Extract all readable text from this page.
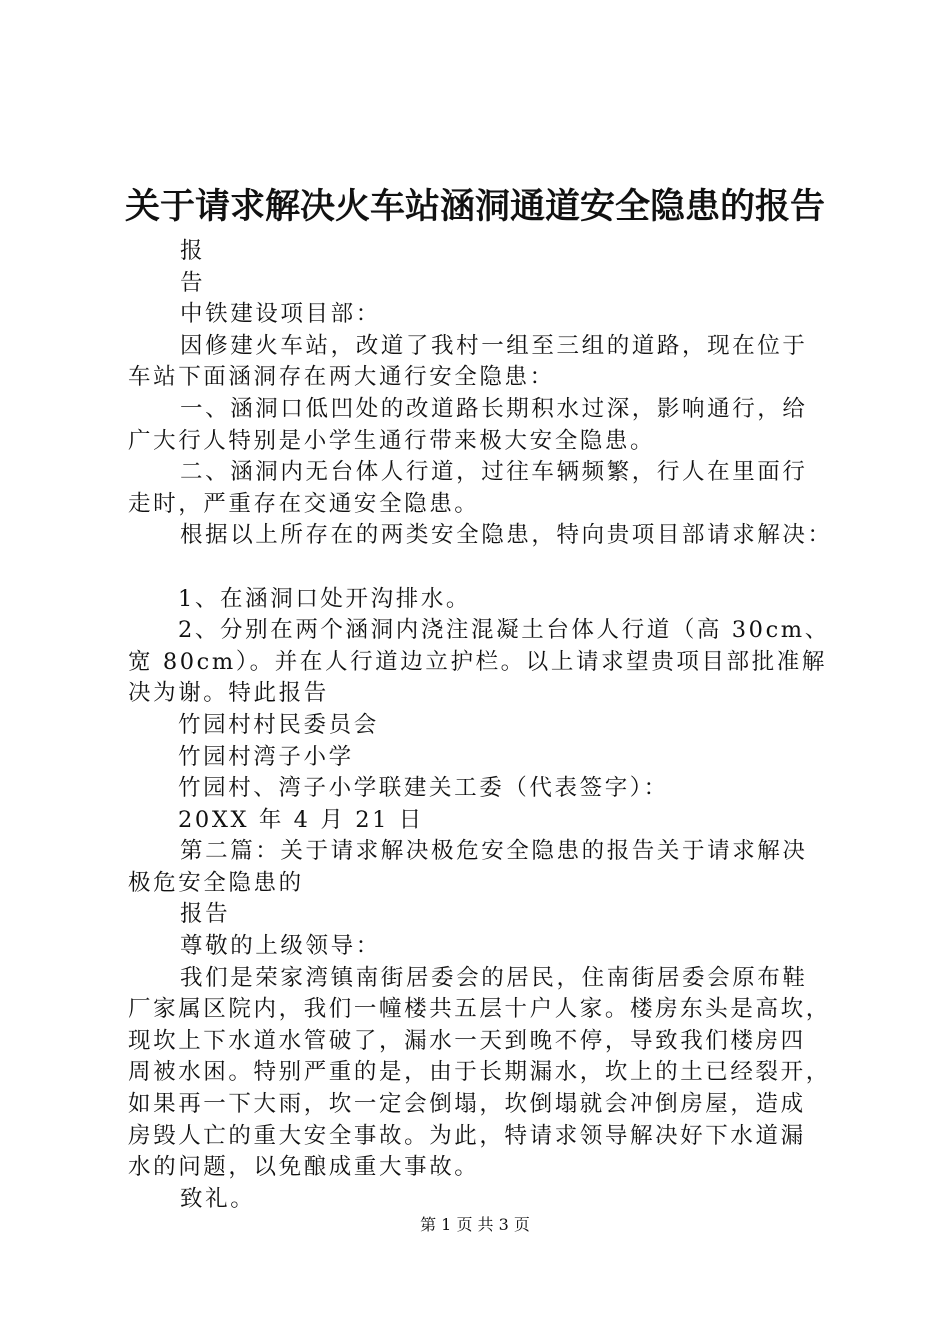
关于请求解决火车站涵洞通道安全隐患的报告
报
告
中铁建设项目部：
因修建火车站，改道了我村一组至三组的道路，现在位于
车站下面涵洞存在两大通行安全隐患：
一、涵洞口低凹处的改道路长期积水过深，影响通行，给
广大行人特别是小学生通行带来极大安全隐患。
二、涵洞内无台体人行道，过往车辆频繁，行人在里面行
走时，严重存在交通安全隐患。
根据以上所存在的两类安全隐患，特向贵项目部请求解决：
1、在涵洞口处开沟排水。
2、分别在两个涵洞内浇注混凝土台体人行道（高 30cm、
宽 80cm）。并在人行道边立护栏。以上请求望贵项目部批准解
决为谢。特此报告
竹园村村民委员会
竹园村湾子小学
竹园村、湾子小学联建关工委（代表签字）：
20XX 年 4 月 21 日
第二篇：关于请求解决极危安全隐患的报告关于请求解决
极危安全隐患的
报告
尊敬的上级领导：
我们是荣家湾镇南街居委会的居民，住南街居委会原布鞋
厂家属区院内，我们一幢楼共五层十户人家。楼房东头是高坎，
现坎上下水道水管破了，漏水一天到晚不停，导致我们楼房四
周被水困。特别严重的是，由于长期漏水，坎上的土已经裂开，
如果再一下大雨，坎一定会倒塌，坎倒塌就会冲倒房屋，造成
房毁人亡的重大安全事故。为此，特请求领导解决好下水道漏
水的问题，以免酿成重大事故。
致礼。
第 1 页 共 3 页
